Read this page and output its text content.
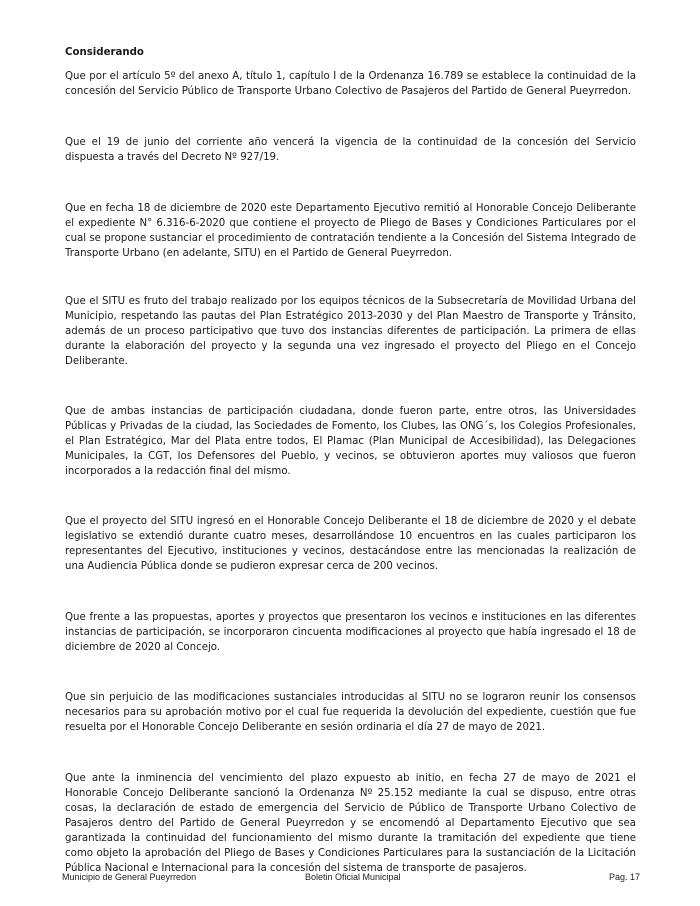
Considerando

Que por el artículo 5º del anexo A, título 1, capítulo I de la Ordenanza 16.789 se establece la continuidad de la concesión del Servicio Público de Transporte Urbano Colectivo de Pasajeros del Partido de General Pueyrredon.

Que el 19 de junio del corriente año vencerá la vigencia de la continuidad de la concesión del Servicio dispuesta a través del Decreto Nº 927/19.

Que en fecha 18 de diciembre de 2020 este Departamento Ejecutivo remitió al Honorable Concejo Deliberante el expediente N° 6.316-6-2020 que contiene el proyecto de Pliego de Bases y Condiciones Particulares por el cual se propone sustanciar el procedimiento de contratación tendiente a la Concesión del Sistema Integrado de Transporte Urbano (en adelante, SITU) en el Partido de General Pueyrredon.

Que el SITU es fruto del trabajo realizado por los equipos técnicos de la Subsecretaría de Movilidad Urbana del Municipio, respetando las pautas del Plan Estratégico 2013-2030 y del Plan Maestro de Transporte y Tránsito, además de un proceso participativo que tuvo dos instancias diferentes de participación. La primera de ellas durante la elaboración del proyecto y la segunda una vez ingresado el proyecto del Pliego en el Concejo Deliberante.

Que de ambas instancias de participación ciudadana, donde fueron parte, entre otros, las Universidades Públicas y Privadas de la ciudad, las Sociedades de Fomento, los Clubes, las ONG´s, los Colegios Profesionales, el Plan Estratégico, Mar del Plata entre todos, El Plamac (Plan Municipal de Accesibilidad), las Delegaciones Municipales, la CGT, los Defensores del Pueblo, y vecinos, se obtuvieron aportes muy valiosos que fueron incorporados a la redacción final del mismo.

Que el proyecto del SITU ingresó en el Honorable Concejo Deliberante el 18 de diciembre de 2020 y el debate legislativo se extendió durante cuatro meses, desarrollándose 10 encuentros en las cuales participaron los representantes del Ejecutivo, instituciones y vecinos, destacándose entre las mencionadas la realización de una Audiencia Pública donde se pudieron expresar cerca de 200 vecinos.

Que frente a las propuestas, aportes y proyectos que presentaron los vecinos e instituciones en las diferentes instancias de participación, se incorporaron cincuenta modificaciones al proyecto que había ingresado el 18 de diciembre de 2020 al Concejo.

Que sin perjuicio de las modificaciones sustanciales introducidas al SITU no se lograron reunir los consensos necesarios para su aprobación motivo por el cual fue requerida la devolución del expediente, cuestión que fue resuelta por el Honorable Concejo Deliberante en sesión ordinaria el día 27 de mayo de 2021.

Que ante la inminencia del vencimiento del plazo expuesto ab initio, en fecha 27 de mayo de 2021 el Honorable Concejo Deliberante sancionó la Ordenanza Nº 25.152 mediante la cual se dispuso, entre otras cosas, la declaración de estado de emergencia del Servicio de Público de Transporte Urbano Colectivo de Pasajeros dentro del Partido de General Pueyrredon y se encomendó al Departamento Ejecutivo que sea garantizada la continuidad del funcionamiento del mismo durante la tramitación del expediente que tiene como objeto la aprobación del Pliego de Bases y Condiciones Particulares para la sustanciación de la Licitación Pública Nacional e Internacional para la concesión del sistema de transporte de pasajeros.

Municipio de General Pueyrredon	Boletin Oficial Municipal	Pag. 17
